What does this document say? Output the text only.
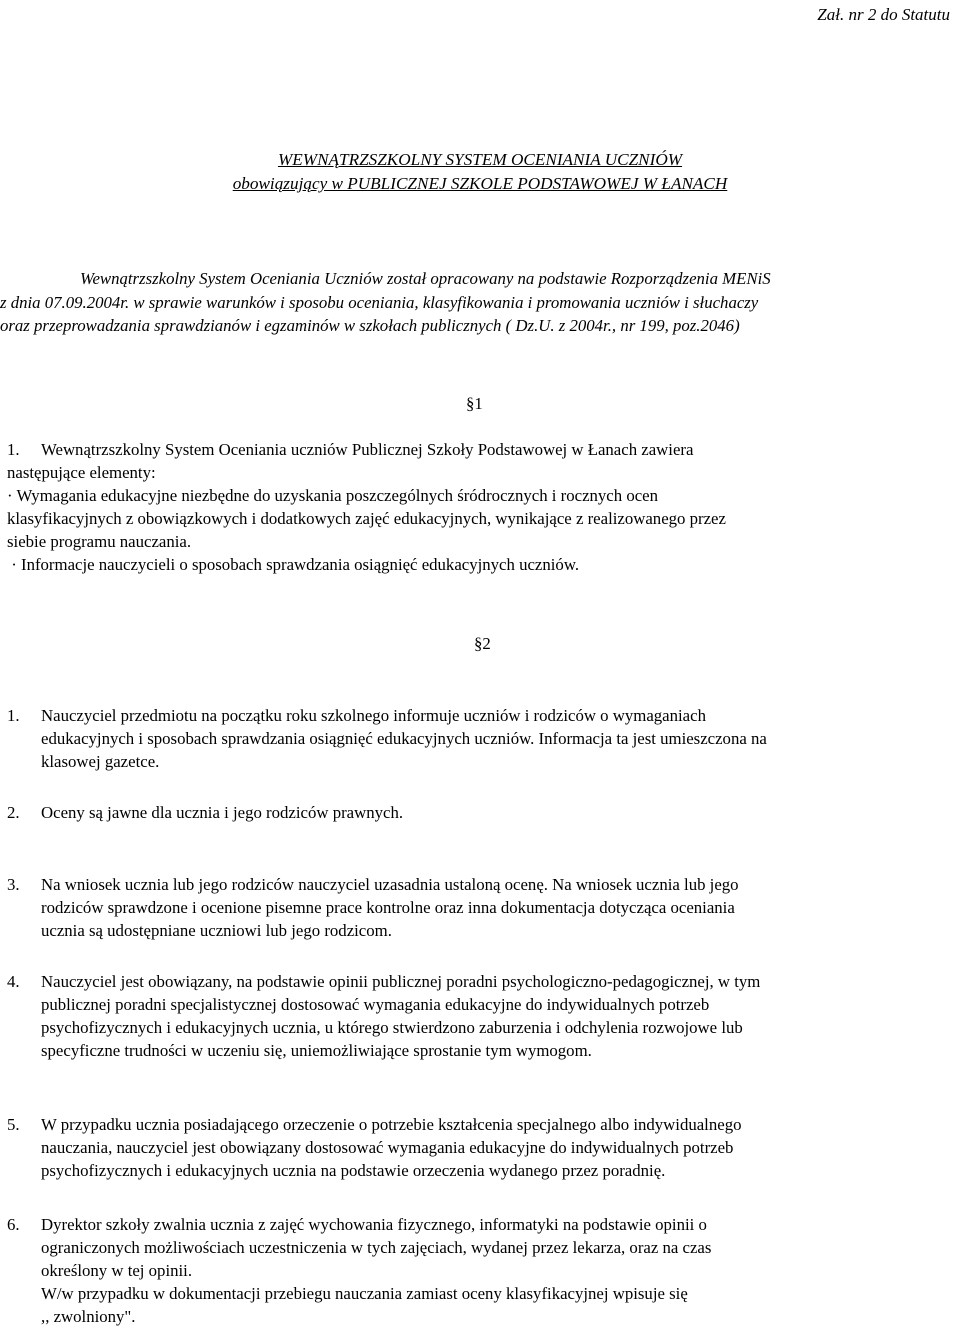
Zał. nr 2 do Statutu
WEWNĄTRZSZKOLNY SYSTEM OCENIANIA UCZNIÓW
obowiązujący w PUBLICZNEJ SZKOLE PODSTAWOWEJ W ŁANACH
Wewnątrzszkolny System Oceniania Uczniów został opracowany na podstawie Rozporządzenia MENiS
z dnia 07.09.2004r. w sprawie warunków i sposobu oceniania, klasyfikowania i promowania uczniów i słuchaczy
oraz przeprowadzania sprawdzianów i egzaminów w szkołach publicznych ( Dz.U. z 2004r., nr 199, poz.2046)
§1
1. Wewnątrzszkolny System Oceniania uczniów Publicznej Szkoły Podstawowej w Łanach zawiera
następujące elementy:
· Wymagania edukacyjne niezbędne do uzyskania poszczególnych śródrocznych i rocznych ocen
klasyfikacyjnych z obowiązkowych i dodatkowych zajęć edukacyjnych, wynikające z realizowanego przez
siebie programu nauczania.
· Informacje nauczycieli o sposobach sprawdzania osiągnięć edukacyjnych uczniów.
§2
1. Nauczyciel przedmiotu na początku roku szkolnego informuje uczniów i rodziców o wymaganiach
edukacyjnych i sposobach sprawdzania osiągnięć edukacyjnych uczniów. Informacja ta jest umieszczona na
klasowej gazetce.
2. Oceny są jawne dla ucznia i jego rodziców prawnych.
3. Na wniosek ucznia lub jego rodziców nauczyciel uzasadnia ustaloną ocenę. Na wniosek ucznia lub jego
rodziców sprawdzone i ocenione pisemne prace kontrolne oraz inna dokumentacja dotycząca oceniania
ucznia są udostępniane uczniowi lub jego rodzicom.
4. Nauczyciel jest obowiązany, na podstawie opinii publicznej poradni psychologiczno-pedagogicznej, w tym
publicznej poradni specjalistycznej dostosować wymagania edukacyjne do indywidualnych potrzeb
psychofizycznych i edukacyjnych ucznia, u którego stwierdzono zaburzenia i odchylenia rozwojowe lub
specyficzne trudności w uczeniu się, uniemożliwiające sprostanie tym wymogom.
5. W przypadku ucznia posiadającego orzeczenie o potrzebie kształcenia specjalnego albo indywidualnego
nauczania, nauczyciel jest obowiązany dostosować wymagania edukacyjne do indywidualnych potrzeb
psychofizycznych i edukacyjnych ucznia na podstawie orzeczenia wydanego przez poradnię.
6. Dyrektor szkoły zwalnia ucznia z zajęć wychowania fizycznego, informatyki na podstawie opinii o
ograniczonych możliwościach uczestniczenia w tych zajęciach, wydanej przez lekarza, oraz na czas
określony w tej opinii.
W/w przypadku w dokumentacji przebiegu nauczania zamiast oceny klasyfikacyjnej wpisuje się
,, zwolniony".
